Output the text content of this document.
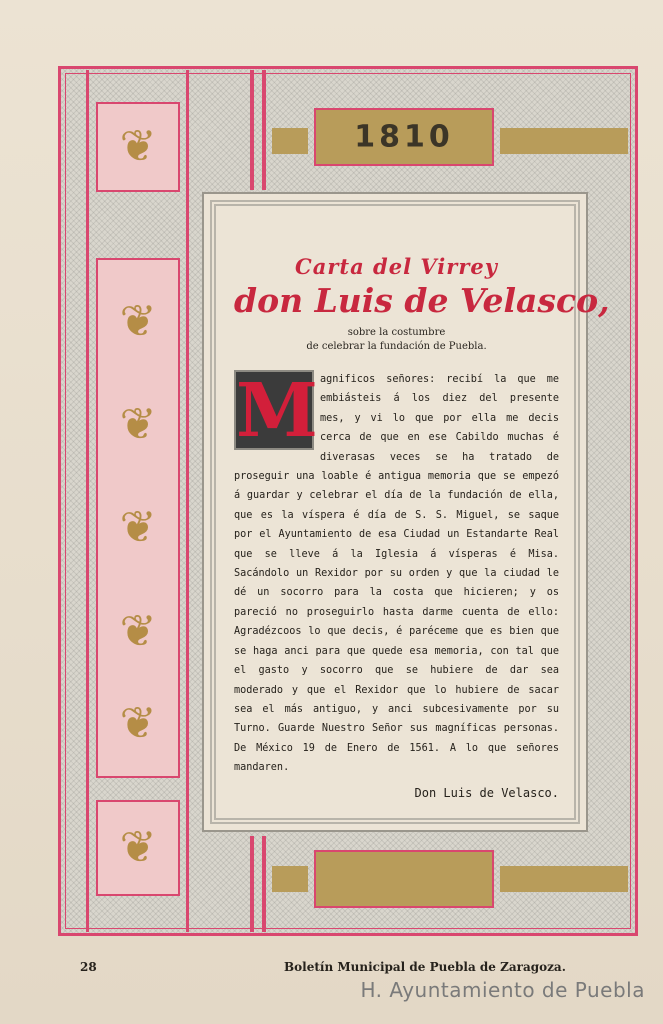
❦
❦
❦
❦
❦
❦
❦
1810

Carta del Virrey

don Luis de Velasco,

sobre la costumbre

de celebrar la fundación de Puebla.

M agnificos señores: recibí la que me embiásteis á los diez del presente mes, y vi lo que por ella me decis cerca de que en ese Cabildo muchas é diverasas veces se ha tratado de proseguir una loable é antigua memoria que se empezó á guardar y celebrar el día de la fundación de ella, que es la víspera é día de S. S. Miguel, se saque por el Ayuntamiento de esa Ciudad un Estandarte Real que se lleve á la Iglesia á vísperas é Misa. Sacándolo un Rexidor por su orden y que la ciudad le dé un socorro para la costa que hicieren; y os pareció no proseguirlo hasta darme cuenta de ello: Agradézcoos lo que decis, é paréceme que es bien que se haga anci para que quede esa memoria, con tal que el gasto y socorro que se hubiere de dar sea moderado y que el Rexidor que lo hubiere de sacar sea el más antiguo, y anci subcesivamente por su Turno. Guarde Nuestro Señor sus magníficas personas. De México 19 de Enero de 1561. A lo que señores mandaren.
Don Luis de Velasco.
28	Boletín Municipal de Puebla de Zaragoza.
H. Ayuntamiento de Puebla
